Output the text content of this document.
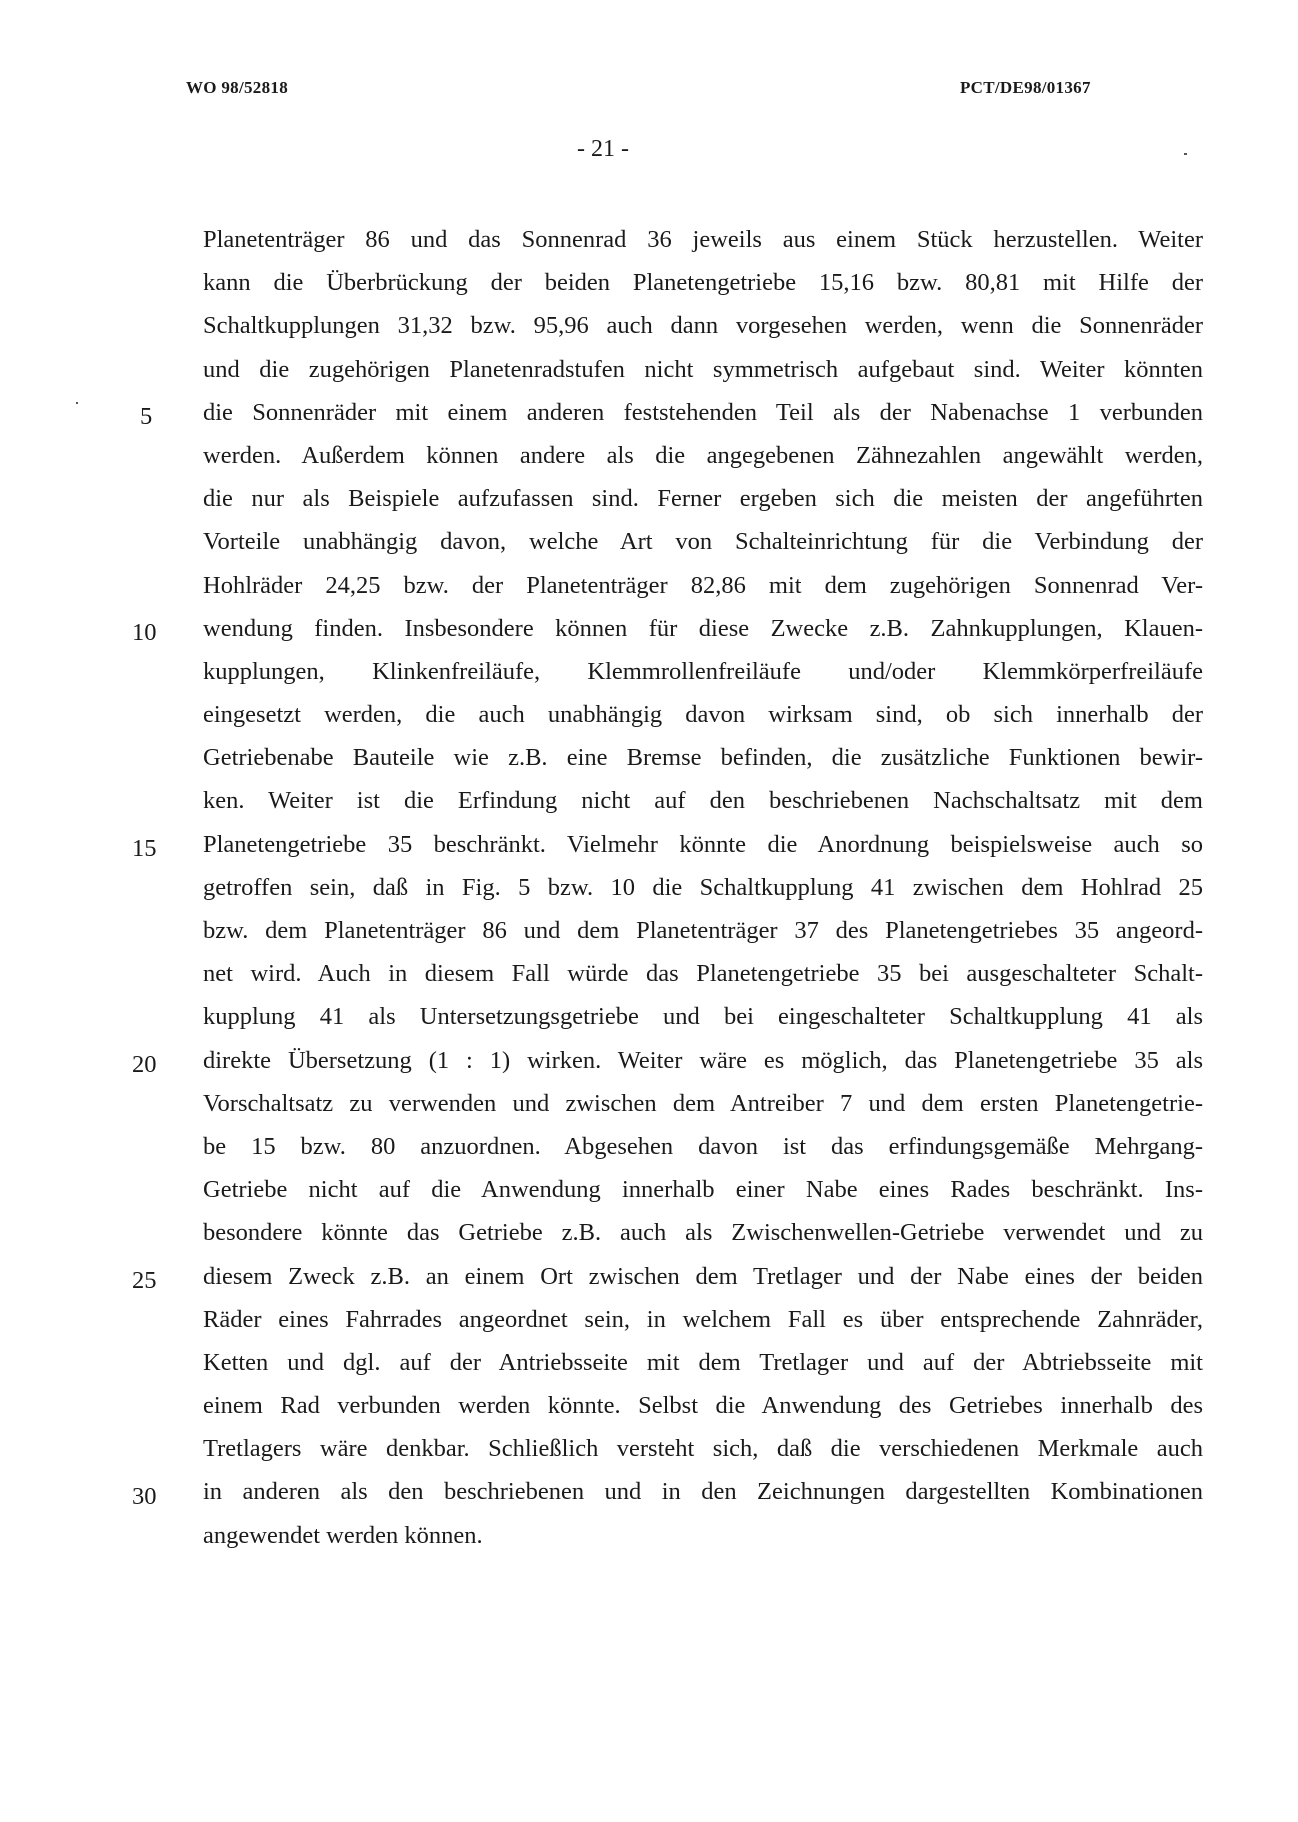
WO 98/52818	PCT/DE98/01367
- 21 -
5
10
15
20
25
30
Planetenträger 86 und das Sonnenrad 36 jeweils aus einem Stück herzustellen. Weiter
kann die Überbrückung der beiden Planetengetriebe 15,16 bzw. 80,81 mit Hilfe der
Schaltkupplungen 31,32 bzw. 95,96 auch dann vorgesehen werden, wenn die Sonnenräder
und die zugehörigen Planetenradstufen nicht symmetrisch aufgebaut sind. Weiter könnten
die Sonnenräder mit einem anderen feststehenden Teil als der Nabenachse 1 verbunden
werden. Außerdem können andere als die angegebenen Zähnezahlen angewählt werden,
die nur als Beispiele aufzufassen sind. Ferner ergeben sich die meisten der angeführten
Vorteile unabhängig davon, welche Art von Schalteinrichtung für die Verbindung der
Hohlräder 24,25 bzw. der Planetenträger 82,86 mit dem zugehörigen Sonnenrad Ver-
wendung finden. Insbesondere können für diese Zwecke z.B. Zahnkupplungen, Klauen-
kupplungen, Klinkenfreiläufe, Klemmrollenfreiläufe und/oder Klemmkörperfreiläufe
eingesetzt werden, die auch unabhängig davon wirksam sind, ob sich innerhalb der
Getriebenabe Bauteile wie z.B. eine Bremse befinden, die zusätzliche Funktionen bewir-
ken. Weiter ist die Erfindung nicht auf den beschriebenen Nachschaltsatz mit dem
Planetengetriebe 35 beschränkt. Vielmehr könnte die Anordnung beispielsweise auch so
getroffen sein, daß in Fig. 5 bzw. 10 die Schaltkupplung 41 zwischen dem Hohlrad 25
bzw. dem Planetenträger 86 und dem Planetenträger 37 des Planetengetriebes 35 angeord-
net wird. Auch in diesem Fall würde das Planetengetriebe 35 bei ausgeschalteter Schalt-
kupplung 41 als Untersetzungsgetriebe und bei eingeschalteter Schaltkupplung 41 als
direkte Übersetzung (1 : 1) wirken. Weiter wäre es möglich, das Planetengetriebe 35 als
Vorschaltsatz zu verwenden und zwischen dem Antreiber 7 und dem ersten Planetengetrie-
be 15 bzw. 80 anzuordnen. Abgesehen davon ist das erfindungsgemäße Mehrgang-
Getriebe nicht auf die Anwendung innerhalb einer Nabe eines Rades beschränkt. Ins-
besondere könnte das Getriebe z.B. auch als Zwischenwellen-Getriebe verwendet und zu
diesem Zweck z.B. an einem Ort zwischen dem Tretlager und der Nabe eines der beiden
Räder eines Fahrrades angeordnet sein, in welchem Fall es über entsprechende Zahnräder,
Ketten und dgl. auf der Antriebsseite mit dem Tretlager und auf der Abtriebsseite mit
einem Rad verbunden werden könnte. Selbst die Anwendung des Getriebes innerhalb des
Tretlagers wäre denkbar. Schließlich versteht sich, daß die verschiedenen Merkmale auch
in anderen als den beschriebenen und in den Zeichnungen dargestellten Kombinationen
angewendet werden können.
